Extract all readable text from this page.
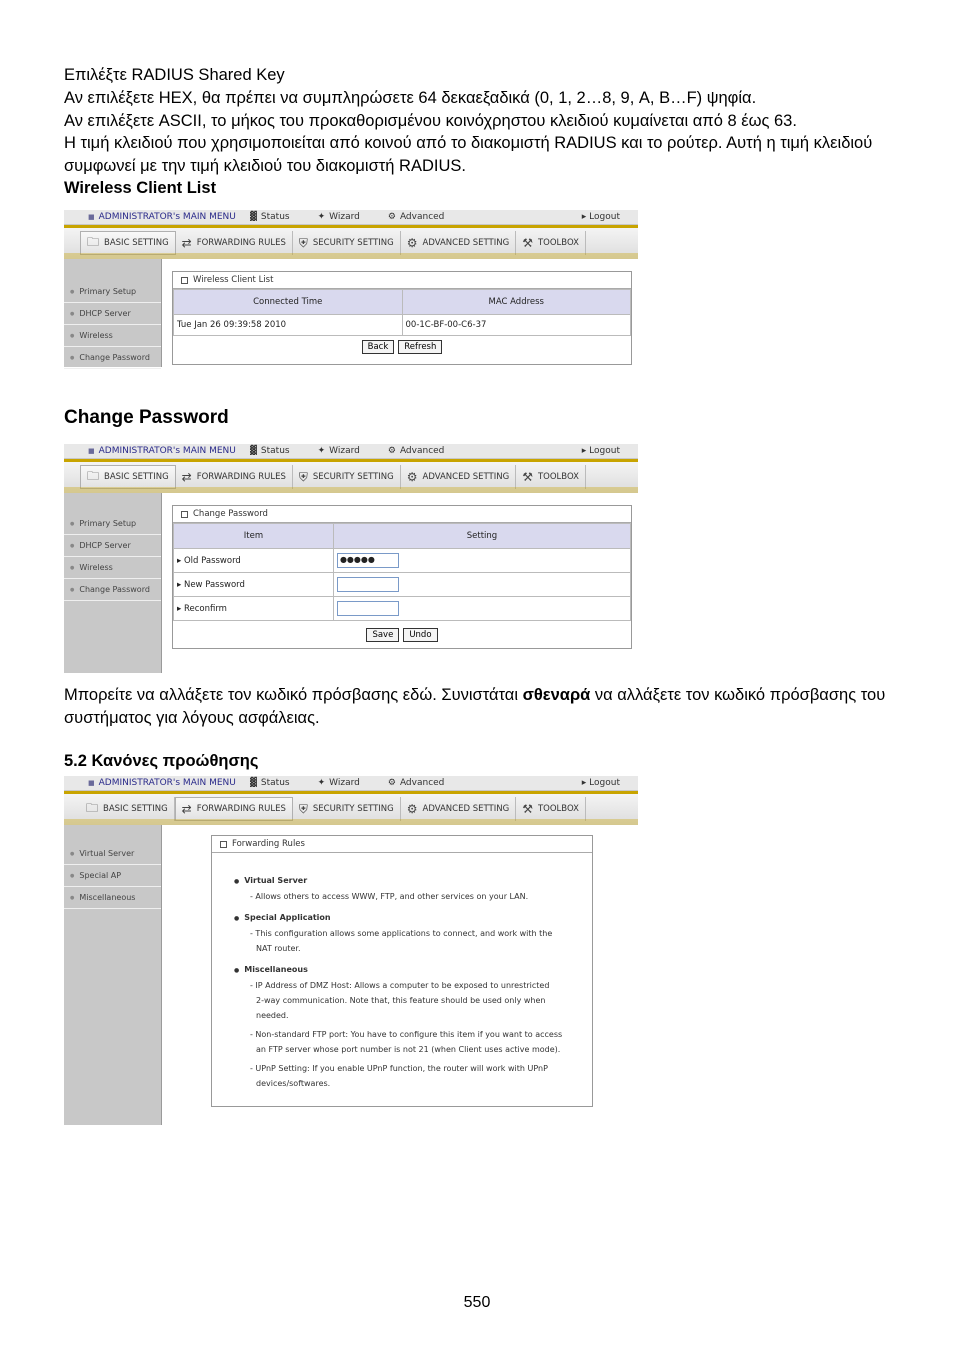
Επιλέξτε RADIUS Shared Key

Αν επιλέξετε HEX, θα πρέπει να συμπληρώσετε 64 δεκαεξαδικά (0, 1, 2…8, 9, A, B…F) ψηφία.

Αν επιλέξετε ASCII, το μήκος του προκαθορισμένου κοινόχρηστου κλειδιού κυμαίνεται από 8 έως 63.

Η τιμή κλειδιού που χρησιμοποιείται από κοινού από το διακομιστή RADIUS και το ρούτερ. Αυτή η τιμή κλειδιού συμφωνεί με την τιμή κλειδιού του διακομιστή RADIUS.

Wireless Client List
■ ADMINISTRATOR's MAIN MENU	▓ Status	✦ Wizard	⚙ Advanced	▸ Logout
🗀 BASIC SETTING ⇄ FORWARDING RULES ⛨ SECURITY SETTING ⚙ ADVANCED SETTING ⚒ TOOLBOX
● Primary Setup
● DHCP Server
● Wireless
● Change Password
Wireless Client List
Connected Time	MAC Address
Tue Jan 26 09:39:58 2010	00-1C-BF-00-C6-37
Back	Refresh
Change Password
■ ADMINISTRATOR's MAIN MENU	▓ Status	✦ Wizard	⚙ Advanced	▸ Logout
🗀 BASIC SETTING ⇄ FORWARDING RULES ⛨ SECURITY SETTING ⚙ ADVANCED SETTING ⚒ TOOLBOX
● Primary Setup
● DHCP Server
● Wireless
● Change Password
Change Password
Item	Setting
▸ Old Password	●●●●●
▸ New Password	
▸ Reconfirm	
Save	Undo
Μπορείτε να αλλάξετε τον κωδικό πρόσβασης εδώ. Συνιστάται σθεναρά να αλλάξετε τον κωδικό πρόσβασης του συστήματος για λόγους ασφάλειας.
5.2 Κανόνες προώθησης
■ ADMINISTRATOR's MAIN MENU	▓ Status	✦ Wizard	⚙ Advanced	▸ Logout
🗀 BASIC SETTING ⇄ FORWARDING RULES ⛨ SECURITY SETTING ⚙ ADVANCED SETTING ⚒ TOOLBOX
● Virtual Server
● Special AP
● Miscellaneous
Forwarding Rules
● Virtual Server
- Allows others to access WWW, FTP, and other services on your LAN.
● Special Application
- This configuration allows some applications to connect, and work with the
NAT router.
● Miscellaneous
- IP Address of DMZ Host: Allows a computer to be exposed to unrestricted
2-way communication. Note that, this feature should be used only when
needed.
- Non-standard FTP port: You have to configure this item if you want to access
an FTP server whose port number is not 21 (when Client uses active mode).
- UPnP Setting: If you enable UPnP function, the router will work with UPnP
devices/softwares.
550
